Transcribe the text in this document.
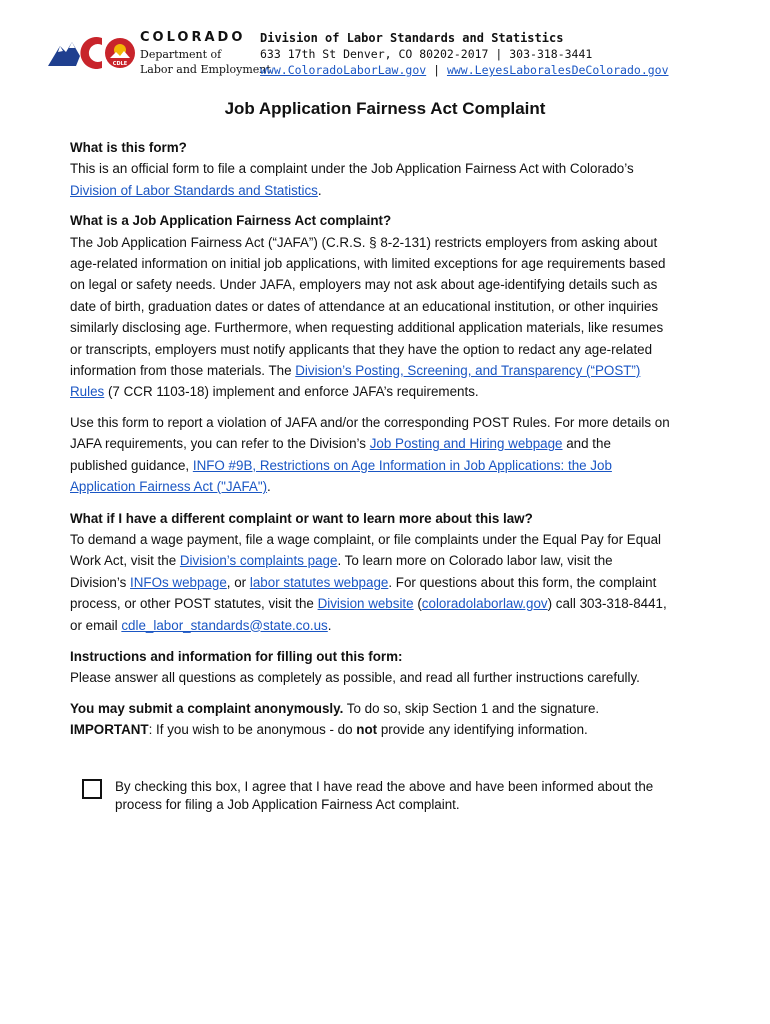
CDLE
COLORADO
Department of
Labor and Employment
Division of Labor Standards and Statistics
633 17th St Denver, CO 80202-2017 | 303-318-3441
www.ColoradoLaborLaw.gov | www.LeyesLaboralesDeColorado.gov
Job Application Fairness Act Complaint

What is this form?

This is an official form to file a complaint under the Job Application Fairness Act with Colorado’s Division of Labor Standards and Statistics.

What is a Job Application Fairness Act complaint?

The Job Application Fairness Act (“JAFA”) (C.R.S. § 8-2-131) restricts employers from asking about age-related information on initial job applications, with limited exceptions for age requirements based on legal or safety needs. Under JAFA, employers may not ask about age-identifying details such as date of birth, graduation dates or dates of attendance at an educational institution, or other inquiries similarly disclosing age. Furthermore, when requesting additional application materials, like resumes or transcripts, employers must notify applicants that they have the option to redact any age-related information from those materials. The Division’s Posting, Screening, and Transparency (“POST”) Rules (7 CCR 1103-18) implement and enforce JAFA’s requirements.

Use this form to report a violation of JAFA and/or the corresponding POST Rules. For more details on JAFA requirements, you can refer to the Division’s Job Posting and Hiring webpage and the published guidance, INFO #9B, Restrictions on Age Information in Job Applications: the Job Application Fairness Act ("JAFA").

What if I have a different complaint or want to learn more about this law?

To demand a wage payment, file a wage complaint, or file complaints under the Equal Pay for Equal Work Act, visit the Division’s complaints page. To learn more on Colorado labor law, visit the Division’s INFOs webpage, or labor statutes webpage. For questions about this form, the complaint process, or other POST statutes, visit the Division website (coloradolaborlaw.gov) call 303-318-8441, or email cdle_labor_standards@state.co.us.

Instructions and information for filling out this form:

Please answer all questions as completely as possible, and read all further instructions carefully.

You may submit a complaint anonymously. To do so, skip Section 1 and the signature.

IMPORTANT: If you wish to be anonymous - do not provide any identifying information.

By checking this box, I agree that I have read the above and have been informed about the process for filing a Job Application Fairness Act complaint.
